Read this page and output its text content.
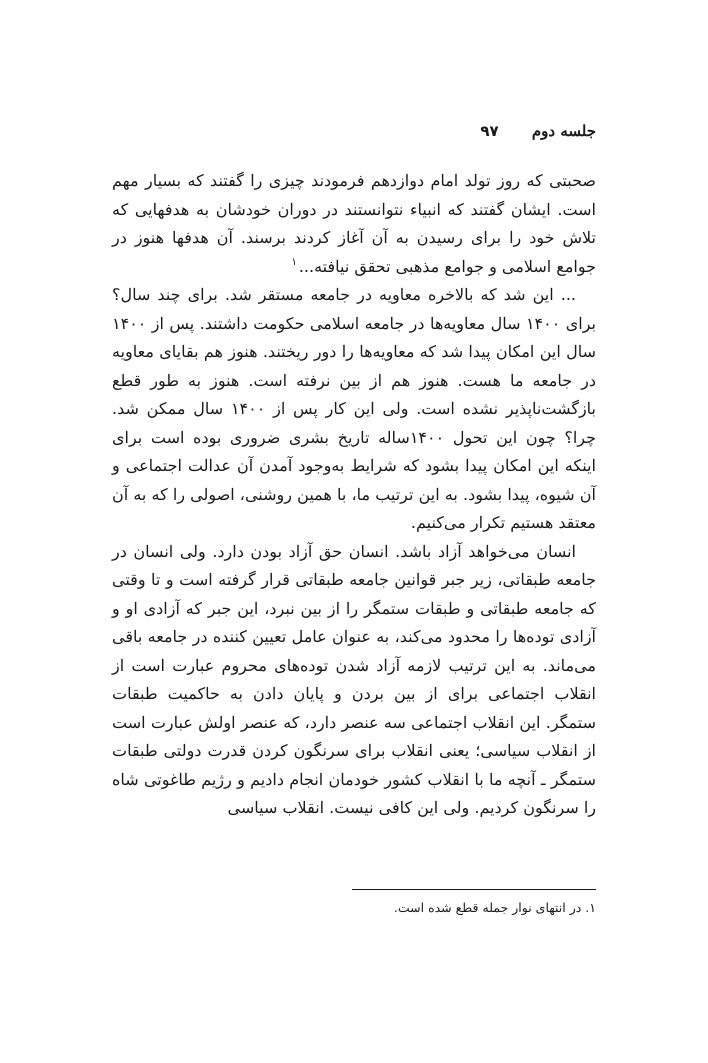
جلسه دوم ۹۷

صحبتی که روز تولد امام دوازدهم فرمودند چیزی را گفتند که بسیار مهم است. ایشان گفتند که انبیاء نتوانستند در دوران خودشان به هدفهایی که تلاش خود را برای رسیدن به آن آغاز کردند برسند. آن هدفها هنوز در جوامع اسلامی و جوامع مذهبی تحقق نیافته...$^۱$

... این شد که بالاخره معاویه در جامعه مستقر شد. برای چند سال؟ برای ۱۴۰۰ سال معاویه‌ها در جامعه اسلامی حکومت داشتند. پس از ۱۴۰۰ سال این امکان پیدا شد که معاویه‌ها را دور ریختند. هنوز هم بقایای معاویه در جامعه ما هست. هنوز هم از بین نرفته است. هنوز به طور قطع بازگشت‌ناپذیر نشده است. ولی این کار پس از ۱۴۰۰ سال ممکن شد. چرا؟ چون این تحول ۱۴۰۰ساله تاریخ بشری ضروری بوده است برای اینکه این امکان پیدا بشود که شرایط به‌وجود آمدن آن عدالت اجتماعی و آن شیوه، پیدا بشود. به این ترتیب ما، با همین روشنی، اصولی را که به آن معتقد هستیم تکرار می‌کنیم.

انسان می‌خواهد آزاد باشد. انسان حق آزاد بودن دارد. ولی انسان در جامعه طبقاتی، زیر جبر قوانین جامعه طبقاتی قرار گرفته است و تا وقتی که جامعه طبقاتی و طبقات ستمگر را از بین نبرد، این جبر که آزادی او و آزادی توده‌ها را محدود می‌کند، به عنوان عامل تعیین کننده در جامعه باقی می‌ماند. به این ترتیب لازمه آزاد شدن توده‌های محروم عبارت است از انقلاب اجتماعی برای از بین بردن و پایان دادن به حاکمیت طبقات ستمگر. این انقلاب اجتماعی سه عنصر دارد، که عنصر اولش عبارت است از انقلاب سیاسی؛ یعنی انقلاب برای سرنگون کردن قدرت دولتی طبقات ستمگر ـ آنچه ما با انقلاب کشور خودمان انجام دادیم و رژیم طاغوتی شاه را سرنگون کردیم. ولی این کافی نیست. انقلاب سیاسی

۱. در انتهای نوار جمله قطع شده است.
